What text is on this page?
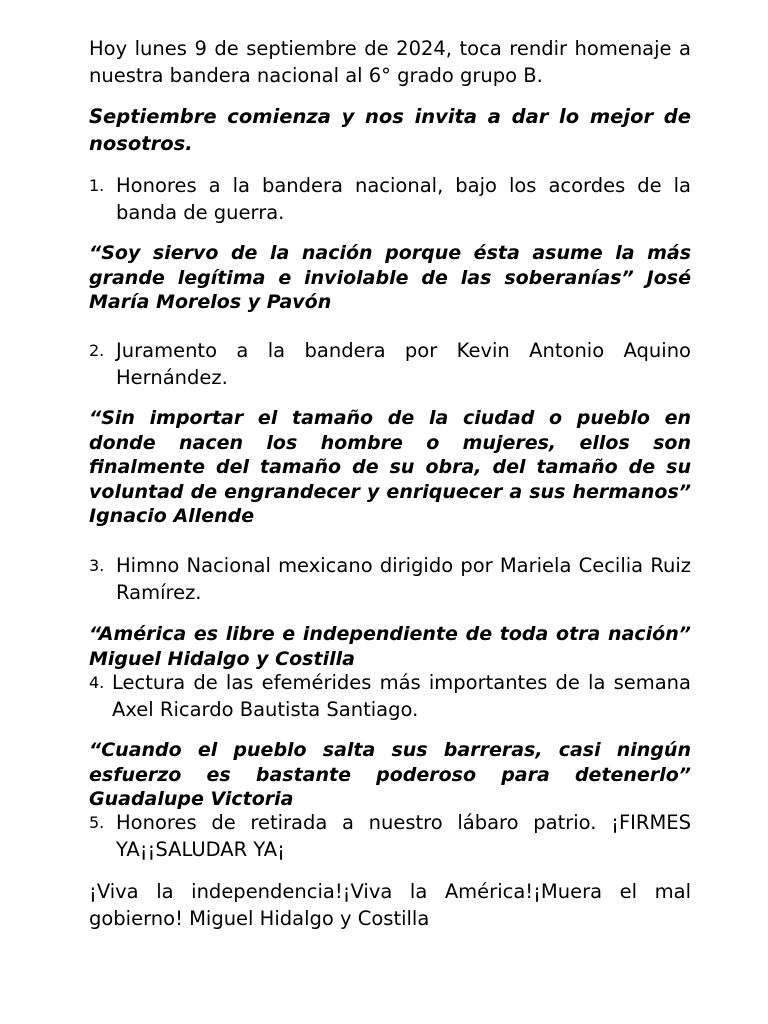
Hoy lunes 9 de septiembre de 2024, toca rendir homenaje a nuestra bandera nacional al 6° grado grupo B.

Septiembre comienza y nos invita a dar lo mejor de nosotros.

1. Honores a la bandera nacional, bajo los acordes de la banda de guerra.

“Soy siervo de la nación porque ésta asume la más grande legítima e inviolable de las soberanías” José María Morelos y Pavón

2. Juramento a la bandera por Kevin Antonio Aquino Hernández.

“Sin importar el tamaño de la ciudad o pueblo en donde nacen los hombre o mujeres, ellos son finalmente del tamaño de su obra, del tamaño de su voluntad de engrandecer y enriquecer a sus hermanos” Ignacio Allende

3. Himno Nacional mexicano dirigido por Mariela Cecilia Ruiz Ramírez.

“América es libre e independiente de toda otra nación” Miguel Hidalgo y Costilla

4. Lectura de las efemérides más importantes de la semana Axel Ricardo Bautista Santiago.

“Cuando el pueblo salta sus barreras, casi ningún esfuerzo es bastante poderoso para detenerlo” Guadalupe Victoria

5. Honores de retirada a nuestro lábaro patrio. ¡FIRMES YA¡¡SALUDAR YA¡

¡Viva la independencia!¡Viva la América!¡Muera el mal gobierno! Miguel Hidalgo y Costilla
